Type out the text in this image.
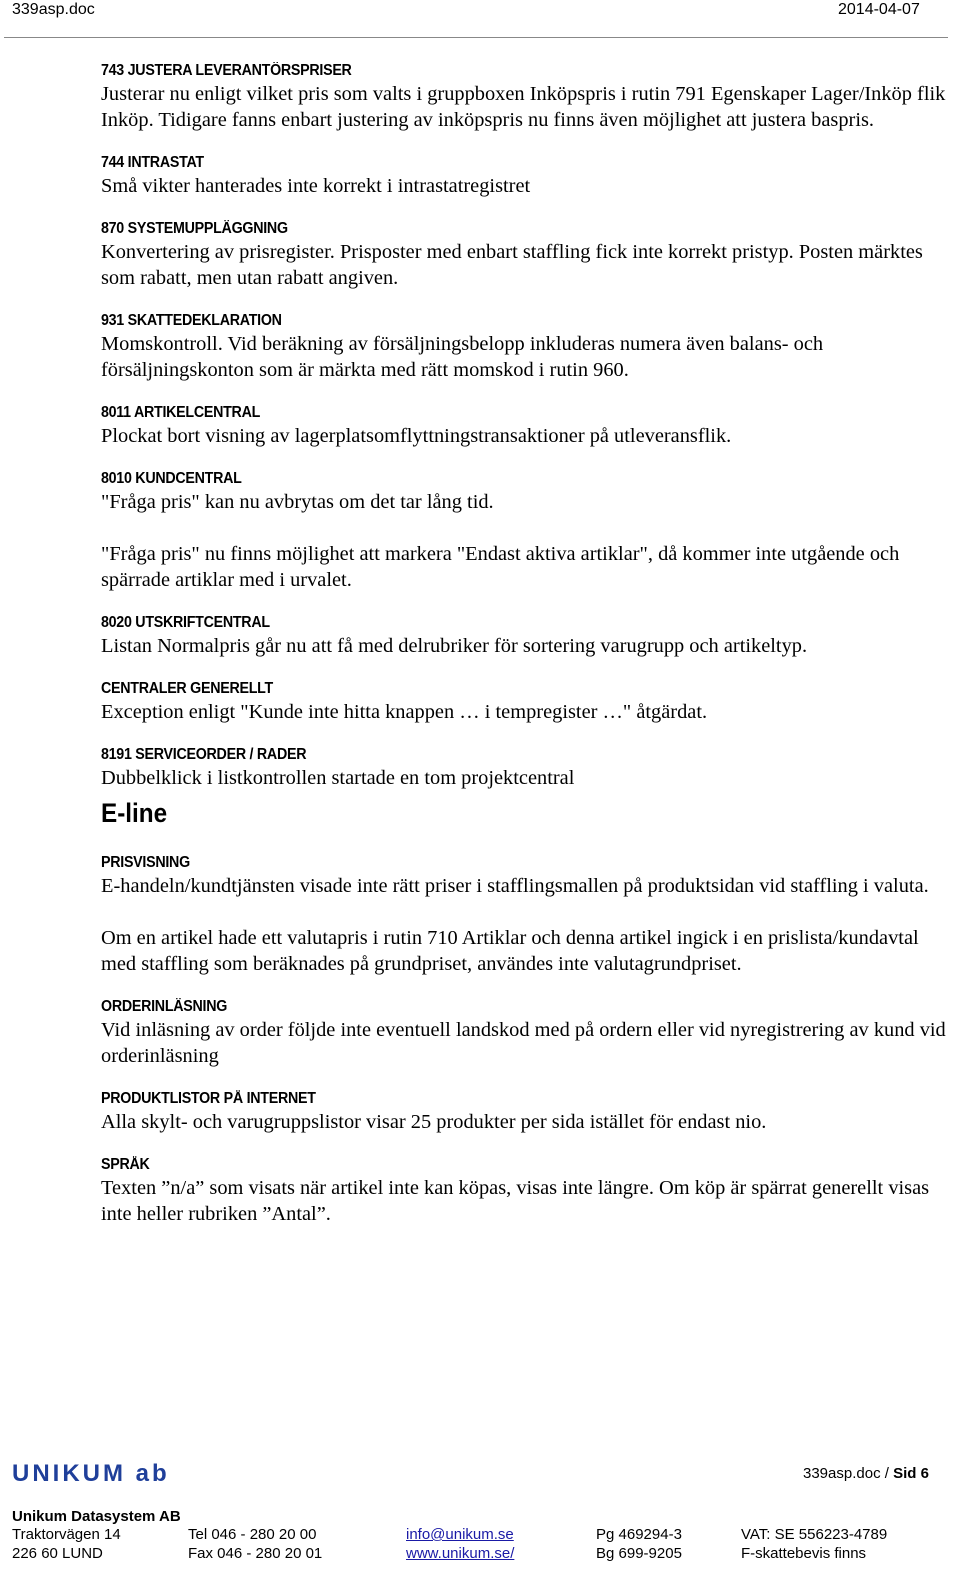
339asp.doc	2014-04-07
743 JUSTERA LEVERANTÖRSPRISER

Justerar nu enligt vilket pris som valts i gruppboxen Inköpspris i rutin 791 Egenskaper Lager/Inköp flik Inköp. Tidigare fanns enbart justering av inköpspris nu finns även möjlighet att justera baspris.

744 INTRASTAT

Små vikter hanterades inte korrekt i intrastatregistret

870 SYSTEMUPPLÄGGNING

Konvertering av prisregister. Prisposter med enbart staffling fick inte korrekt pristyp. Posten märktes som rabatt, men utan rabatt angiven.

931 SKATTEDEKLARATION

Momskontroll. Vid beräkning av försäljningsbelopp inkluderas numera även balans- och försäljningskonton som är märkta med rätt momskod i rutin 960.

8011 ARTIKELCENTRAL

Plockat bort visning av lagerplatsomflyttningstransaktioner på utleveransflik.

8010 KUNDCENTRAL

"Fråga pris" kan nu avbrytas om det tar lång tid.

"Fråga pris" nu finns möjlighet att markera "Endast aktiva artiklar", då kommer inte utgående och spärrade artiklar med i urvalet.

8020 UTSKRIFTCENTRAL

Listan Normalpris går nu att få med delrubriker för sortering varugrupp och artikeltyp.

CENTRALER GENERELLT

Exception enligt "Kunde inte hitta knappen … i tempregister …" åtgärdat.

8191 SERVICEORDER / RADER

Dubbelklick i listkontrollen startade en tom projektcentral

E-line
PRISVISNING

E-handeln/kundtjänsten visade inte rätt priser i stafflingsmallen på produktsidan vid staffling i valuta.

Om en artikel hade ett valutapris i rutin 710 Artiklar och denna artikel ingick i en prislista/kundavtal med staffling som beräknades på grundpriset, användes inte valutagrundpriset.

ORDERINLÄSNING

Vid inläsning av order följde inte eventuell landskod med på ordern eller vid nyregistrering av kund vid orderinläsning

PRODUKTLISTOR PÅ INTERNET

Alla skylt- och varugruppslistor visar 25 produkter per sida istället för endast nio.

SPRÅK

Texten ”n/a” som visats när artikel inte kan köpas, visas inte längre. Om köp är spärrat generellt visas inte heller rubriken ”Antal”.

UNIKUM ab	339asp.doc / Sid 6
Unikum Datasystem AB
Traktorvägen 14
226 60 LUND
Tel 046 - 280 20 00
Fax 046 - 280 20 01
info@unikum.se
www.unikum.se/
Pg 469294-3
Bg 699-9205
VAT: SE 556223-4789
F-skattebevis finns
